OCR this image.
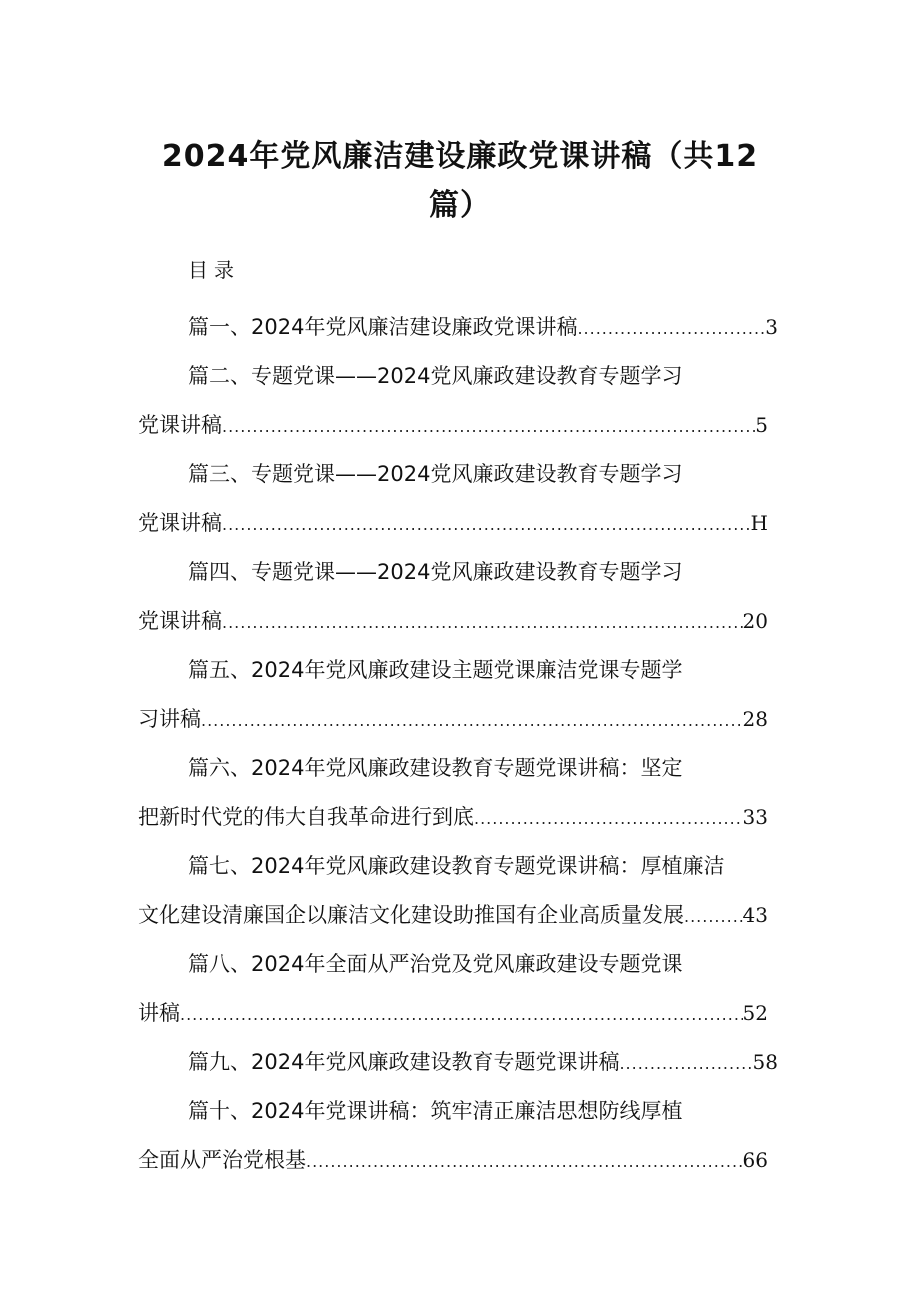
2024年党风廉洁建设廉政党课讲稿（共12
篇）
目录
篇一、2024年党风廉洁建设廉政党课讲稿 .....	3
篇二、专题党课——2024党风廉政建设教育专题学习
党课讲稿 .....	5
篇三、专题党课——2024党风廉政建设教育专题学习
党课讲稿 .....	H
篇四、专题党课——2024党风廉政建设教育专题学习
党课讲稿 .....	20
篇五、2024年党风廉政建设主题党课廉洁党课专题学
习讲稿 .....	28
篇六、2024年党风廉政建设教育专题党课讲稿：坚定
把新时代党的伟大自我革命进行到底 .....	33
篇七、2024年党风廉政建设教育专题党课讲稿：厚植廉洁
文化建设清廉国企以廉洁文化建设助推国有企业高质量发展 .....	43
篇八、2024年全面从严治党及党风廉政建设专题党课
讲稿 .....	52
篇九、2024年党风廉政建设教育专题党课讲稿 .....	58
篇十、2024年党课讲稿：筑牢清正廉洁思想防线厚植
全面从严治党根基 .....	66
